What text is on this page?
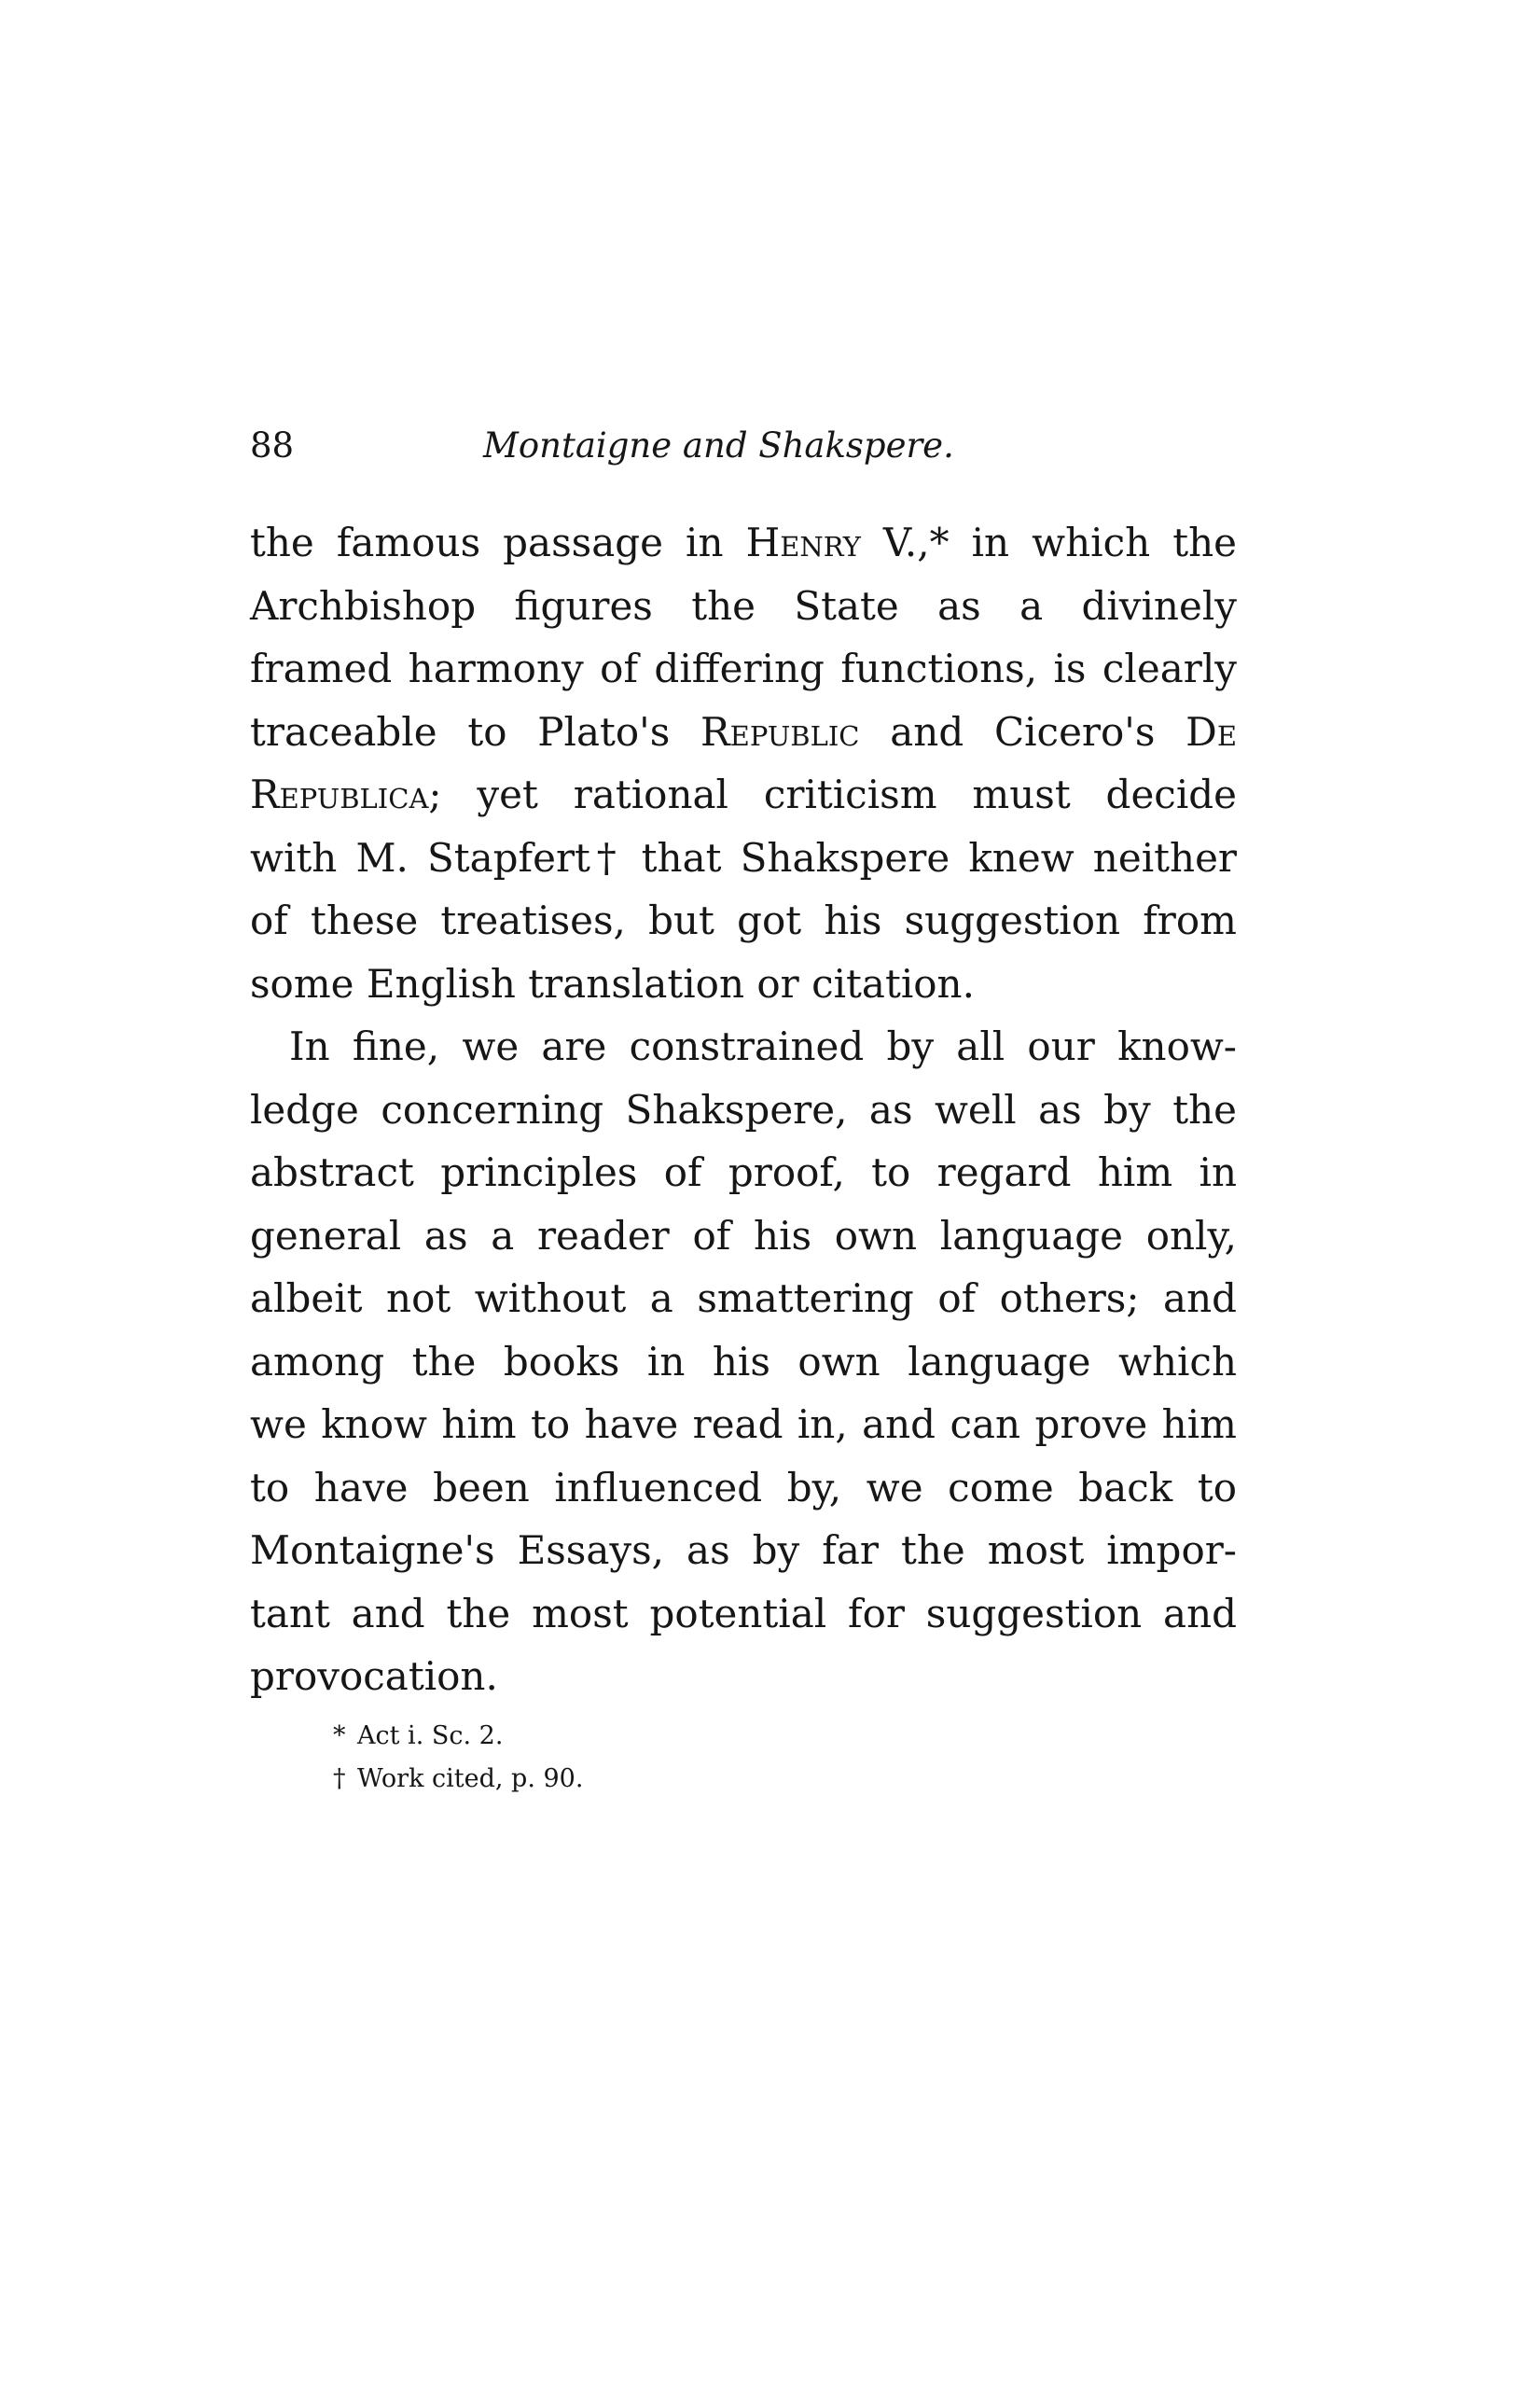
88	Montaigne and Shakspere.
the famous passage in Henry V.,* in which the
Archbishop figures the State as a divinely
framed harmony of differing functions, is clearly
traceable to Plato's Republic and Cicero's De
Republica; yet rational criticism must decide
with M. Stapfert† that Shakspere knew neither
of these treatises, but got his suggestion from
some English translation or citation.
In fine, we are constrained by all our know-
ledge concerning Shakspere, as well as by the
abstract principles of proof, to regard him in
general as a reader of his own language only,
albeit not without a smattering of others; and
among the books in his own language which
we know him to have read in, and can prove him
to have been influenced by, we come back to
Montaigne's Essays, as by far the most impor-
tant and the most potential for suggestion and
provocation.
* Act i. Sc. 2.
† Work cited, p. 90.
